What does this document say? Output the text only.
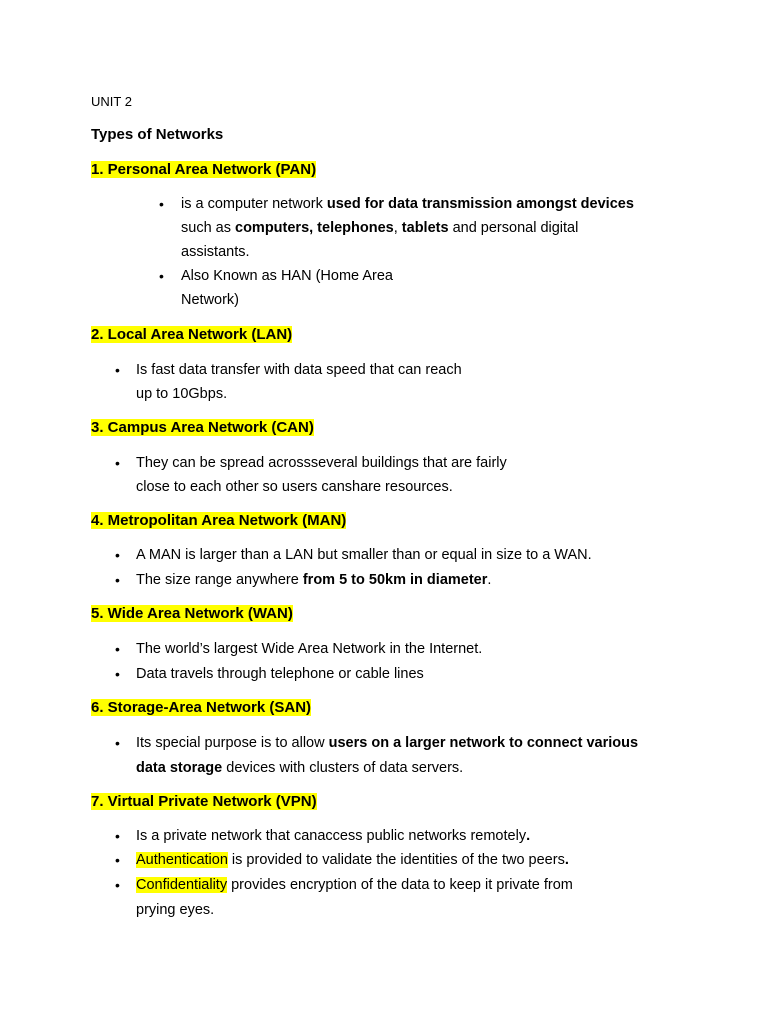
UNIT 2
Types of Networks
1. Personal Area Network (PAN)
• is a computer network used for data transmission amongst devices
such as computers, telephones, tablets and personal digital
assistants.
• Also Known as HAN (Home Area
Network)
2. Local Area Network (LAN)
• Is fast data transfer with data speed that can reach
up to 10Gbps.
3. Campus Area Network (CAN)
• They can be spread acrossseveral buildings that are fairly
close to each other so users canshare resources.
4. Metropolitan Area Network (MAN)
• A MAN is larger than a LAN but smaller than or equal in size to a WAN.
• The size range anywhere from 5 to 50km in diameter.
5. Wide Area Network (WAN)
• The world’s largest Wide Area Network in the Internet.
• Data travels through telephone or cable lines
6. Storage-Area Network (SAN)
• Its special purpose is to allow users on a larger network to connect various
data storage devices with clusters of data servers.
7. Virtual Private Network (VPN)
• Is a private network that canaccess public networks remotely.
• Authentication is provided to validate the identities of the two peers.
• Confidentiality provides encryption of the data to keep it private from
prying eyes.
